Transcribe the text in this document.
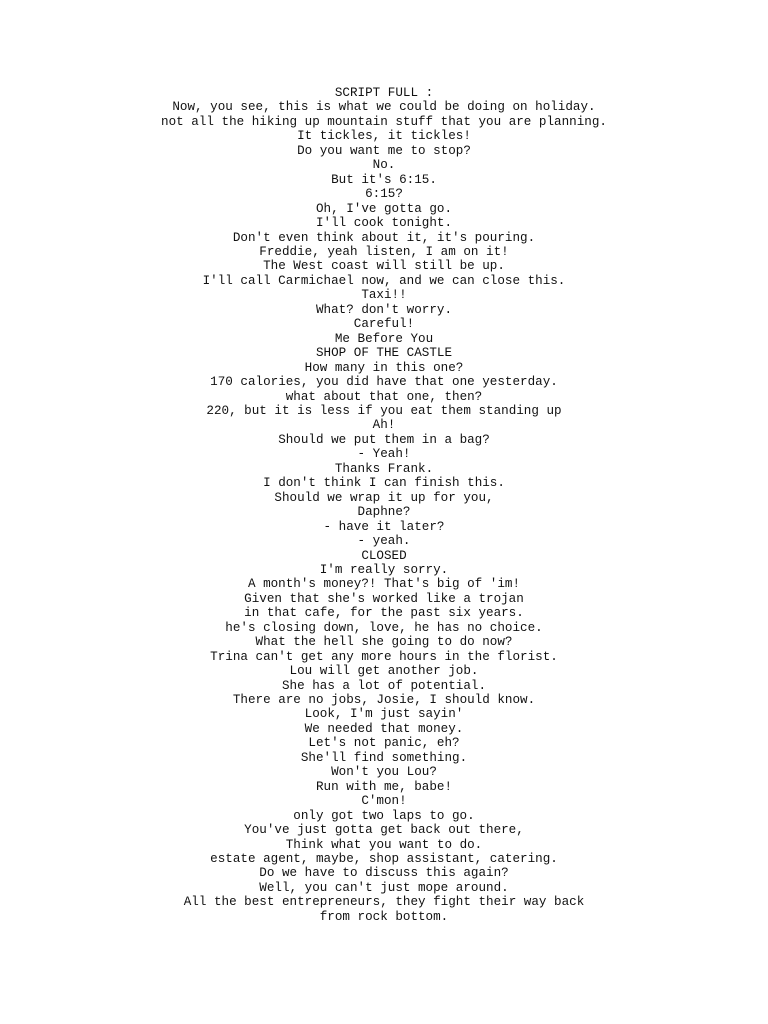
SCRIPT FULL :
Now, you see, this is what we could be doing on holiday.
not all the hiking up mountain stuff that you are planning.
It tickles, it tickles!
Do you want me to stop?
No.
But it's 6:15.
6:15?
Oh, I've gotta go.
I'll cook tonight.
Don't even think about it, it's pouring.
Freddie, yeah listen, I am on it!
The West coast will still be up.
I'll call Carmichael now, and we can close this.
Taxi!!
What? don't worry.
Careful!
Me Before You
SHOP OF THE CASTLE
How many in this one?
170 calories, you did have that one yesterday.
what about that one, then?
220, but it is less if you eat them standing up
Ah!
Should we put them in a bag?
- Yeah!
Thanks Frank.
I don't think I can finish this.
Should we wrap it up for you,
Daphne?
- have it later?
- yeah.
CLOSED
I'm really sorry.
A month's money?! That's big of 'im!
Given that she's worked like a trojan
in that cafe, for the past six years.
he's closing down, love, he has no choice.
What the hell she going to do now?
Trina can't get any more hours in the florist.
Lou will get another job.
She has a lot of potential.
There are no jobs, Josie, I should know.
Look, I'm just sayin'
We needed that money.
Let's not panic, eh?
She'll find something.
Won't you Lou?
Run with me, babe!
C'mon!
only got two laps to go.
You've just gotta get back out there,
Think what you want to do.
estate agent, maybe, shop assistant, catering.
Do we have to discuss this again?
Well, you can't just mope around.
All the best entrepreneurs, they fight their way back
from rock bottom.
